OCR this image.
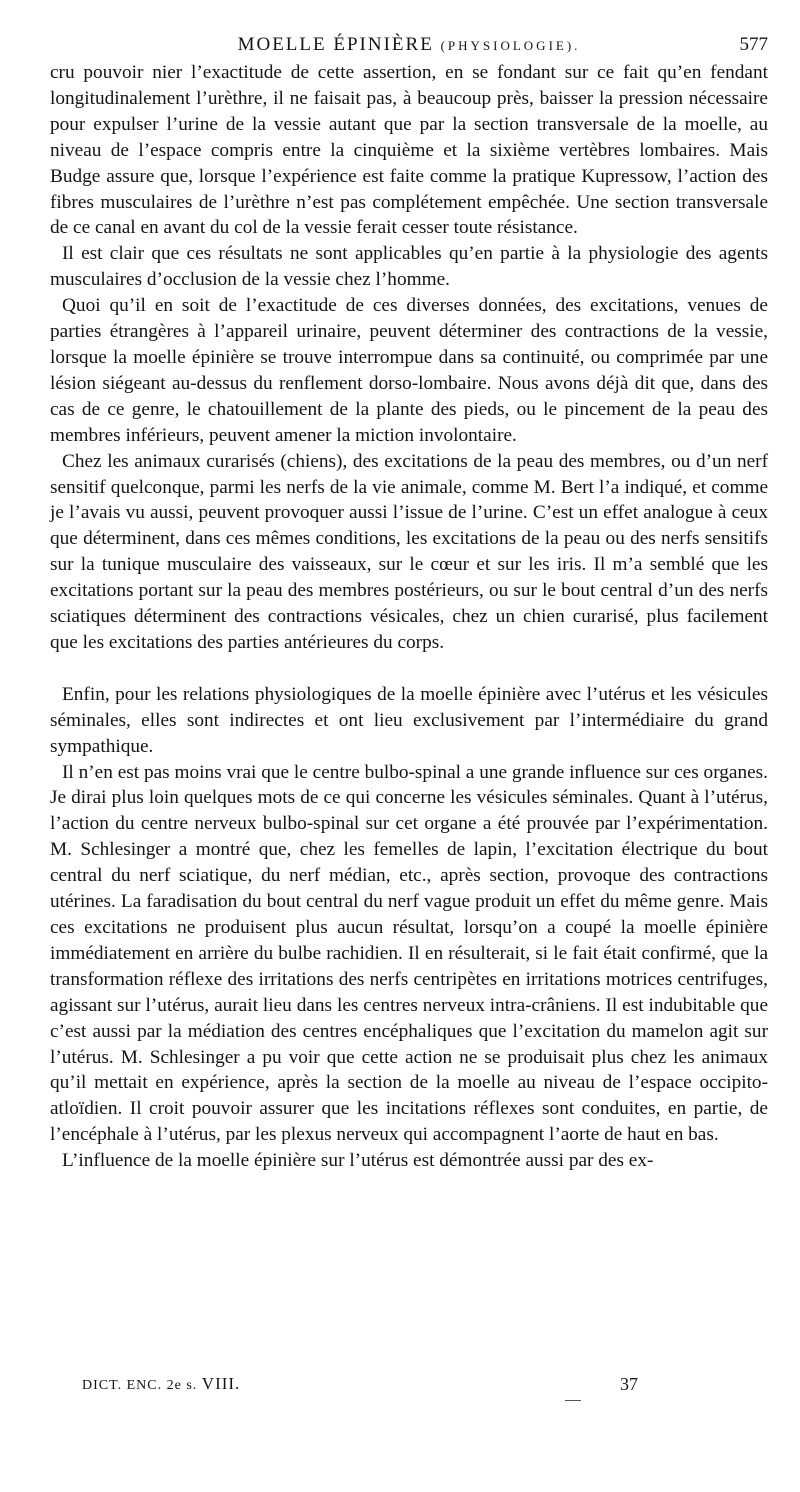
MOELLE ÉPINIÈRE (PHYSIOLOGIE).	577

cru pouvoir nier l’exactitude de cette assertion, en se fondant sur ce fait qu’en fendant longitudinalement l’urèthre, il ne faisait pas, à beaucoup près, baisser la pression nécessaire pour expulser l’urine de la vessie autant que par la section transversale de la moelle, au niveau de l’espace compris entre la cinquième et la sixième vertèbres lombaires. Mais Budge assure que, lorsque l’expérience est faite comme la pratique Kupressow, l’action des fibres musculaires de l’urèthre n’est pas complétement empêchée. Une section transversale de ce canal en avant du col de la vessie ferait cesser toute résistance.

Il est clair que ces résultats ne sont applicables qu’en partie à la physiologie des agents musculaires d’occlusion de la vessie chez l’homme.

Quoi qu’il en soit de l’exactitude de ces diverses données, des excitations, venues de parties étrangères à l’appareil urinaire, peuvent déterminer des contractions de la vessie, lorsque la moelle épinière se trouve interrompue dans sa continuité, ou comprimée par une lésion siégeant au-dessus du renflement dorso-lombaire. Nous avons déjà dit que, dans des cas de ce genre, le chatouillement de la plante des pieds, ou le pincement de la peau des membres inférieurs, peuvent amener la miction involontaire.

Chez les animaux curarisés (chiens), des excitations de la peau des membres, ou d’un nerf sensitif quelconque, parmi les nerfs de la vie animale, comme M. Bert l’a indiqué, et comme je l’avais vu aussi, peuvent provoquer aussi l’issue de l’urine. C’est un effet analogue à ceux que déterminent, dans ces mêmes conditions, les excitations de la peau ou des nerfs sensitifs sur la tunique musculaire des vaisseaux, sur le cœur et sur les iris. Il m’a semblé que les excitations portant sur la peau des membres postérieurs, ou sur le bout central d’un des nerfs sciatiques déterminent des contractions vésicales, chez un chien curarisé, plus facilement que les excitations des parties antérieures du corps.

Enfin, pour les relations physiologiques de la moelle épinière avec l’utérus et les vésicules séminales, elles sont indirectes et ont lieu exclusivement par l’intermédiaire du grand sympathique.

Il n’en est pas moins vrai que le centre bulbo-spinal a une grande influence sur ces organes. Je dirai plus loin quelques mots de ce qui concerne les vésicules séminales. Quant à l’utérus, l’action du centre nerveux bulbo-spinal sur cet organe a été prouvée par l’expérimentation. M. Schlesinger a montré que, chez les femelles de lapin, l’excitation électrique du bout central du nerf sciatique, du nerf médian, etc., après section, provoque des contractions utérines. La faradisation du bout central du nerf vague produit un effet du même genre. Mais ces excitations ne produisent plus aucun résultat, lorsqu’on a coupé la moelle épinière immédiatement en arrière du bulbe rachidien. Il en résulterait, si le fait était confirmé, que la transformation réflexe des irritations des nerfs centripètes en irritations motrices centrifuges, agissant sur l’utérus, aurait lieu dans les centres nerveux intra-crâniens. Il est indubitable que c’est aussi par la médiation des centres encéphaliques que l’excitation du mamelon agit sur l’utérus. M. Schlesinger a pu voir que cette action ne se produisait plus chez les animaux qu’il mettait en expérience, après la section de la moelle au niveau de l’espace occipito-atloïdien. Il croit pouvoir assurer que les incitations réflexes sont conduites, en partie, de l’encéphale à l’utérus, par les plexus nerveux qui accompagnent l’aorte de haut en bas.

L’influence de la moelle épinière sur l’utérus est démontrée aussi par des ex-

DICT. ENC. 2e s. VIII.	37
